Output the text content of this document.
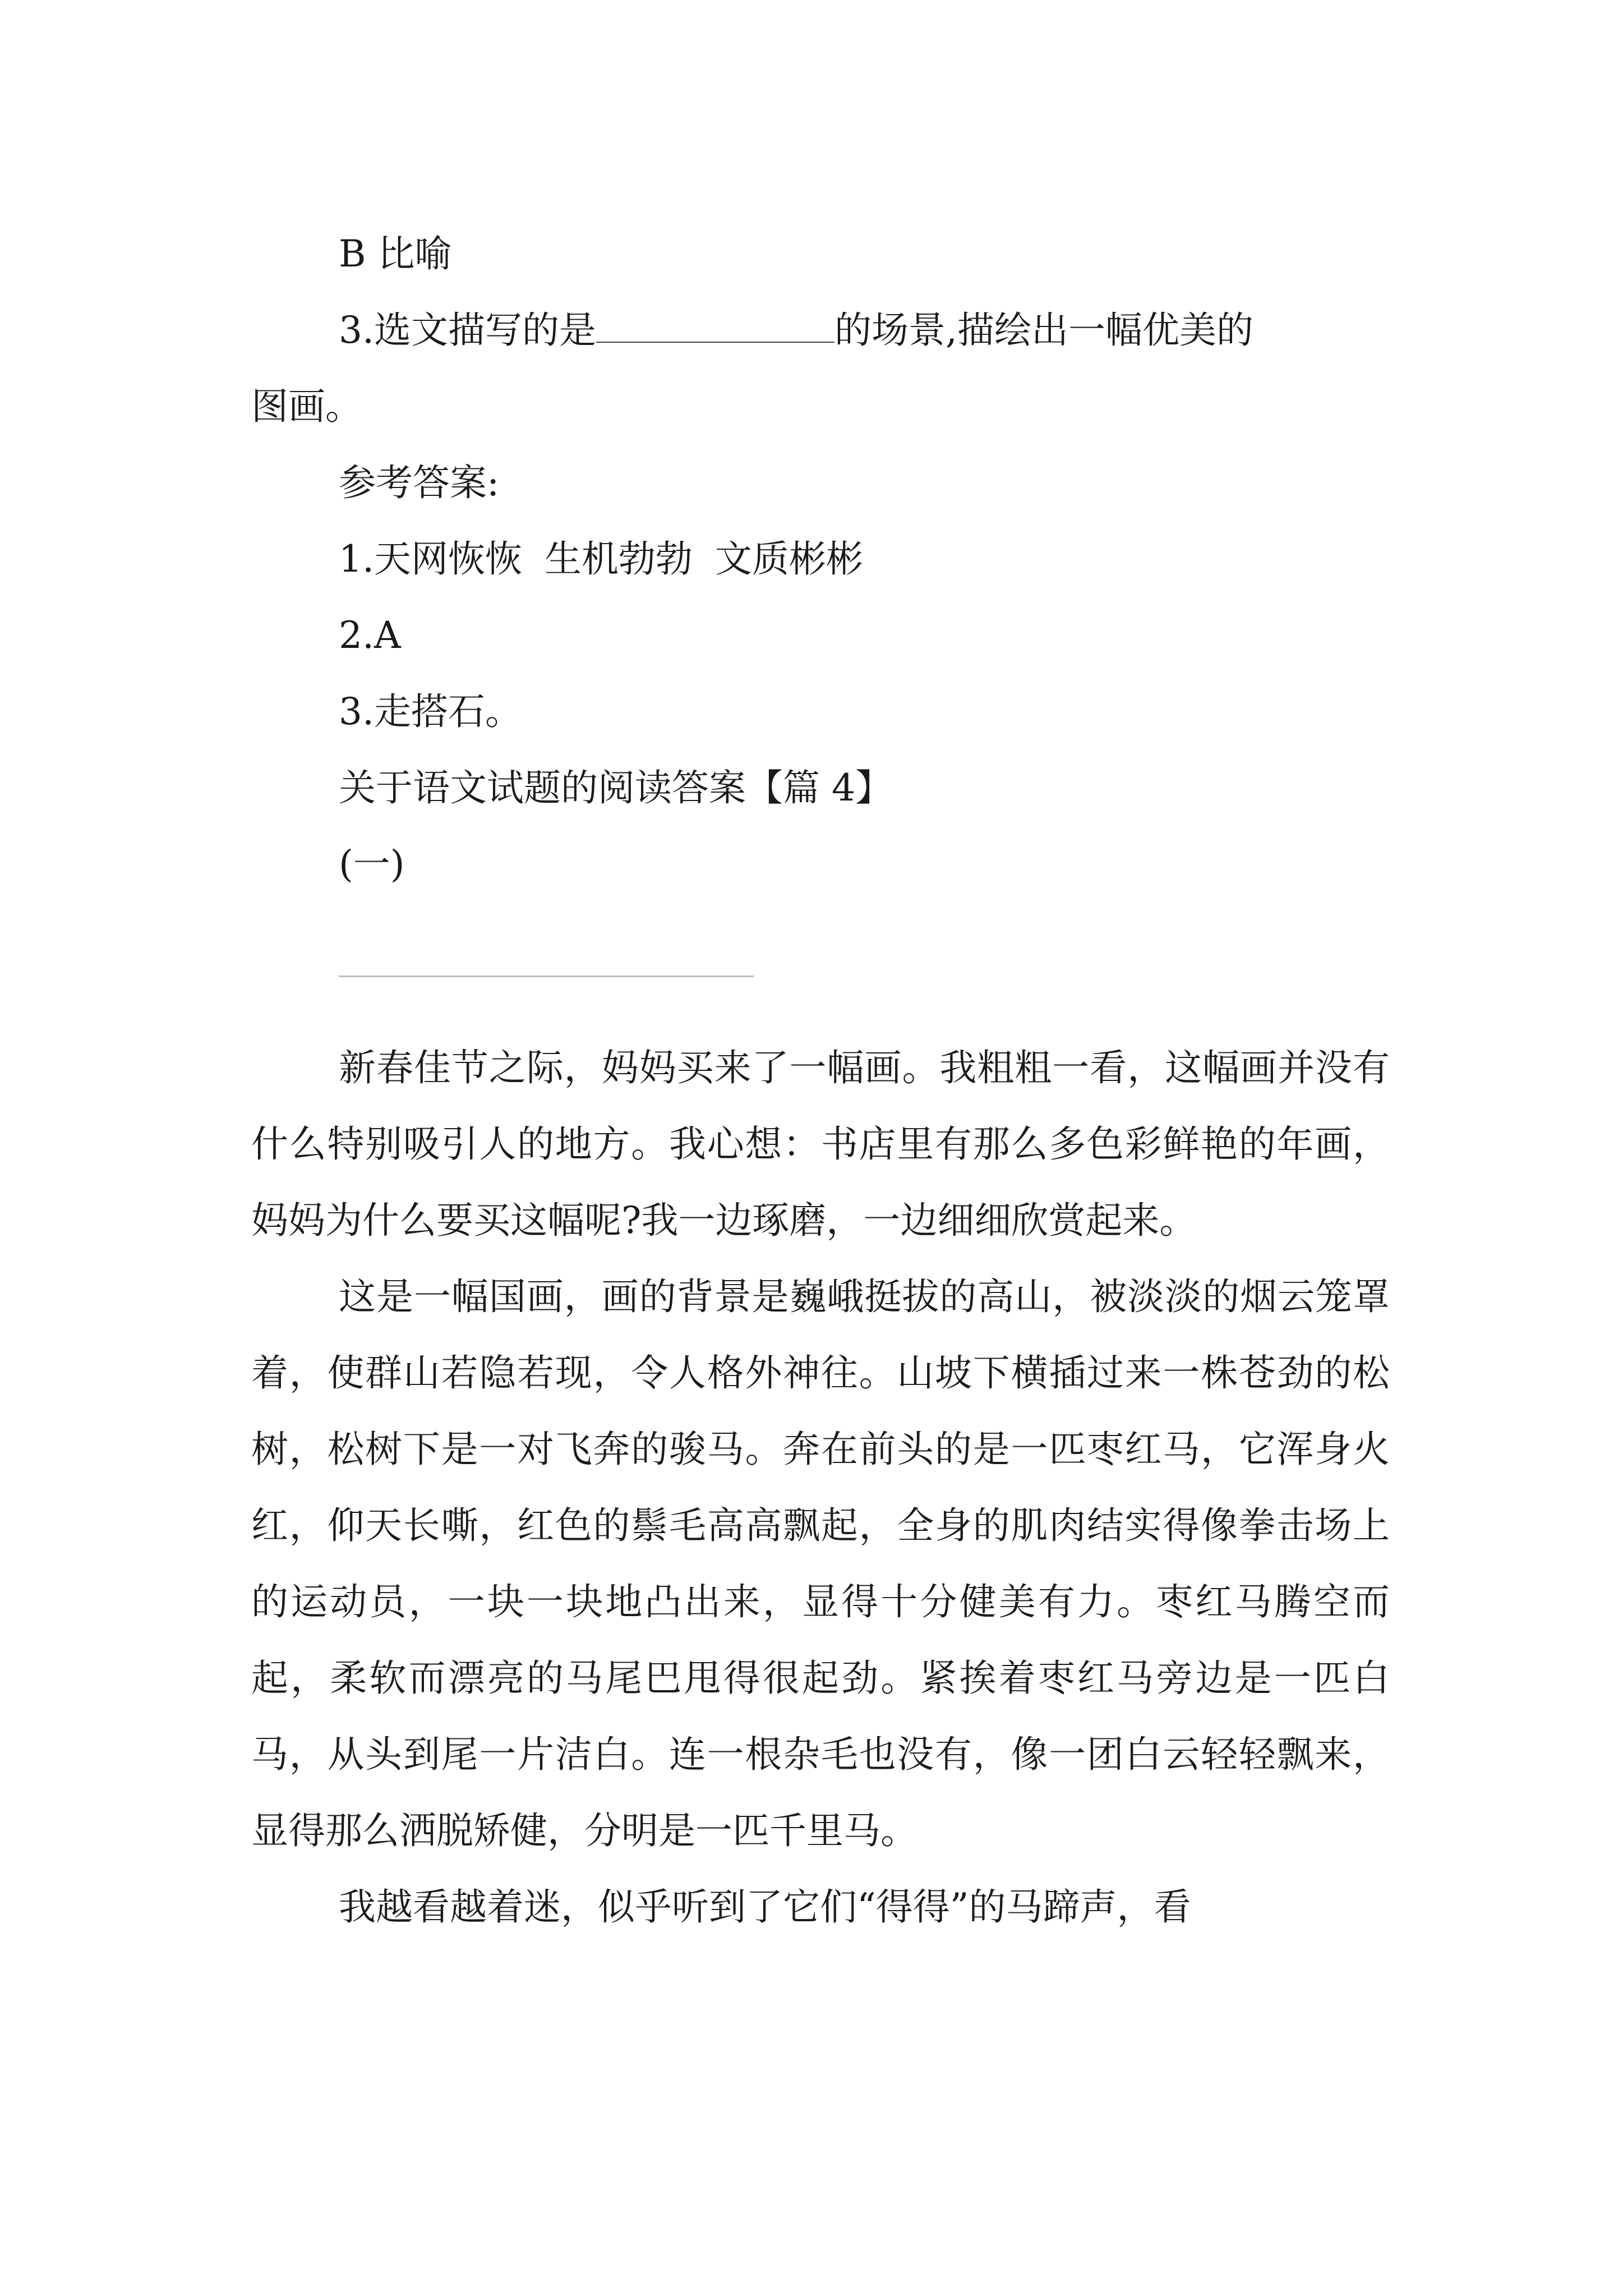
B 比喻

3.选文描写的是	的场景,描绘出一幅优美的

图画。

参考答案:

1.天网恢恢 生机勃勃 文质彬彬

2.A

3.走搭石。

关于语文试题的阅读答案【篇 4】

(一)

新春佳节之际，妈妈买来了一幅画。我粗粗一看，这幅画并没有什么特别吸引人的地方。我心想：书店里有那么多色彩鲜艳的年画，妈妈为什么要买这幅呢?我一边琢磨，一边细细欣赏起来。

这是一幅国画，画的背景是巍峨挺拔的高山，被淡淡的烟云笼罩着，使群山若隐若现，令人格外神往。山坡下横插过来一株苍劲的松树，松树下是一对飞奔的骏马。奔在前头的是一匹枣红马，它浑身火红，仰天长嘶，红色的鬃毛高高飘起，全身的肌肉结实得像拳击场上的运动员，一块一块地凸出来，显得十分健美有力。枣红马腾空而起，柔软而漂亮的马尾巴甩得很起劲。紧挨着枣红马旁边是一匹白马，从头到尾一片洁白。连一根杂毛也没有，像一团白云轻轻飘来，显得那么洒脱矫健，分明是一匹千里马。

我越看越着迷，似乎听到了它们“得得”的马蹄声，看
